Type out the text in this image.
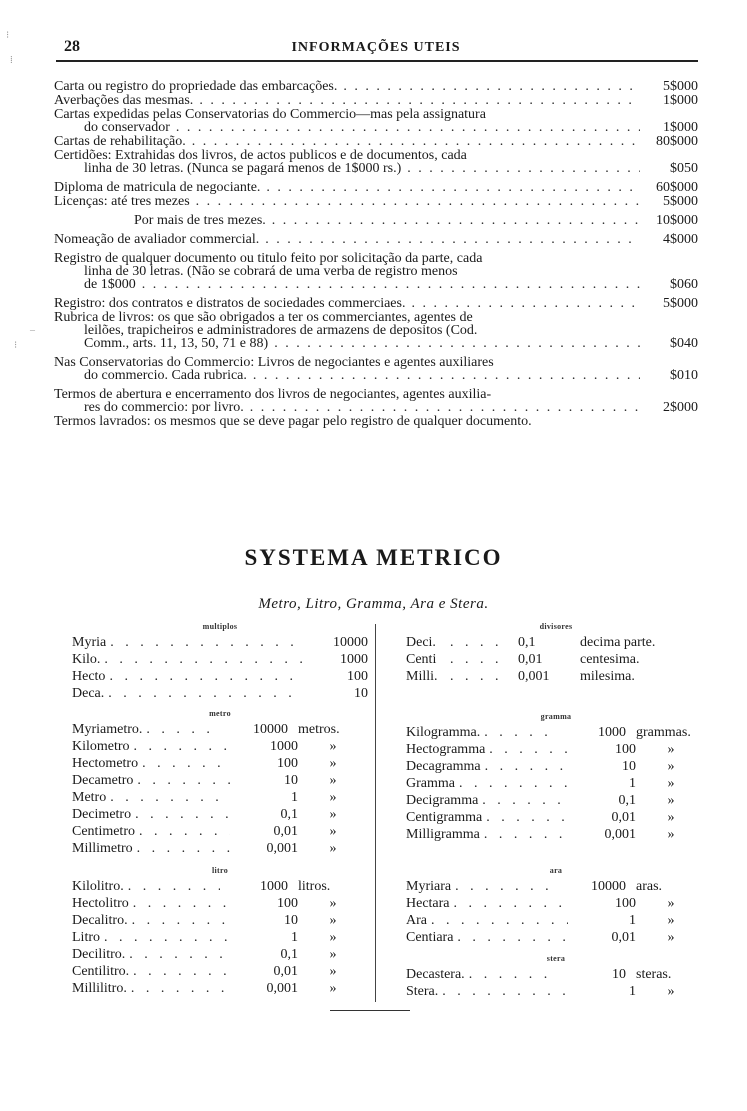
28	INFORMAÇÕES UTEIS
Carta ou registro do propriedade das embarcações. . . .	5$000
Averbações das mesmas. . . .	1$000
Cartas expedidas pelas Conservatorias do Commercio—mas pela assignatura
do conservador . . .	1$000
Cartas de rehabilitação. . . .	80$000
Certidões: Extrahidas dos livros, de actos publicos e de documentos, cada
linha de 30 letras. (Nunca se pagará menos de 1$000 rs.) . . .	$050
Diploma de matricula de negociante. . . .	60$000
Licenças: até tres mezes . . .	5$000
Por mais de tres mezes. . . .	10$000
Nomeação de avaliador commercial. . . .	4$000
Registro de qualquer documento ou titulo feito por solicitação da parte, cada
linha de 30 letras. (Não se cobrará de uma verba de registro menos
de 1$000 . . .	$060
Registro: dos contratos e distratos de sociedades commerciaes. . . .	5$000
Rubrica de livros: os que são obrigados a ter os commerciantes, agentes de
leilões, trapicheiros e administradores de armazens de depositos (Cod.
Comm., arts. 11, 13, 50, 71 e 88) . . .	$040
Nas Conservatorias do Commercio: Livros de negociantes e agentes auxiliares
do commercio. Cada rubrica. . . .	$010
Termos de abertura e encerramento dos livros de negociantes, agentes auxilia-
res do commercio: por livro. . . .	2$000
Termos lavrados: os mesmos que se deve pagar pelo registro de qualquer documento.
SYSTEMA METRICO
Metro, Litro, Gramma, Ara e Stera.
multiplos
Myria . . .	10000
Kilo. . . .	1000
Hecto . . .	100
Deca. . . .	10
metro
Myriametro. . . .	10000 metros.
Kilometro . . .	1000	»
Hectometro . . .	100	»
Decametro . . .	10	»
Metro . . .	1	»
Decimetro . . .	0,1	»
Centimetro . . .	0,01	»
Millimetro . . .	0,001	»
litro
Kilolitro. . . .	1000 litros.
Hectolitro . . .	100	»
Decalitro. . . .	10	»
Litro . . .	1	»
Decilitro. . . .	0,1	»
Centilitro. . . .	0,01	»
Millilitro. . . .	0,001	»
divisores
Deci. . . .	0,1	decima parte.
Centi . . .	0,01	centesima.
Milli. . . .	0,001	milesima.
gramma
Kilogramma. . . .	1000 grammas.
Hectogramma . . .	100	»
Decagramma . . .	10	»
Gramma . . .	1	»
Decigramma . . .	0,1	»
Centigramma . . .	0,01	»
Milligramma . . .	0,001	»
ara
Myriara . . .	10000 aras.
Hectara . . .	100	»
Ara . . .	1	»
Centiara . . .	0,01	»
stera
Decastera. . . .	10 steras.
Stera. . . .	1	»
⁝
⁞
–
⁝
